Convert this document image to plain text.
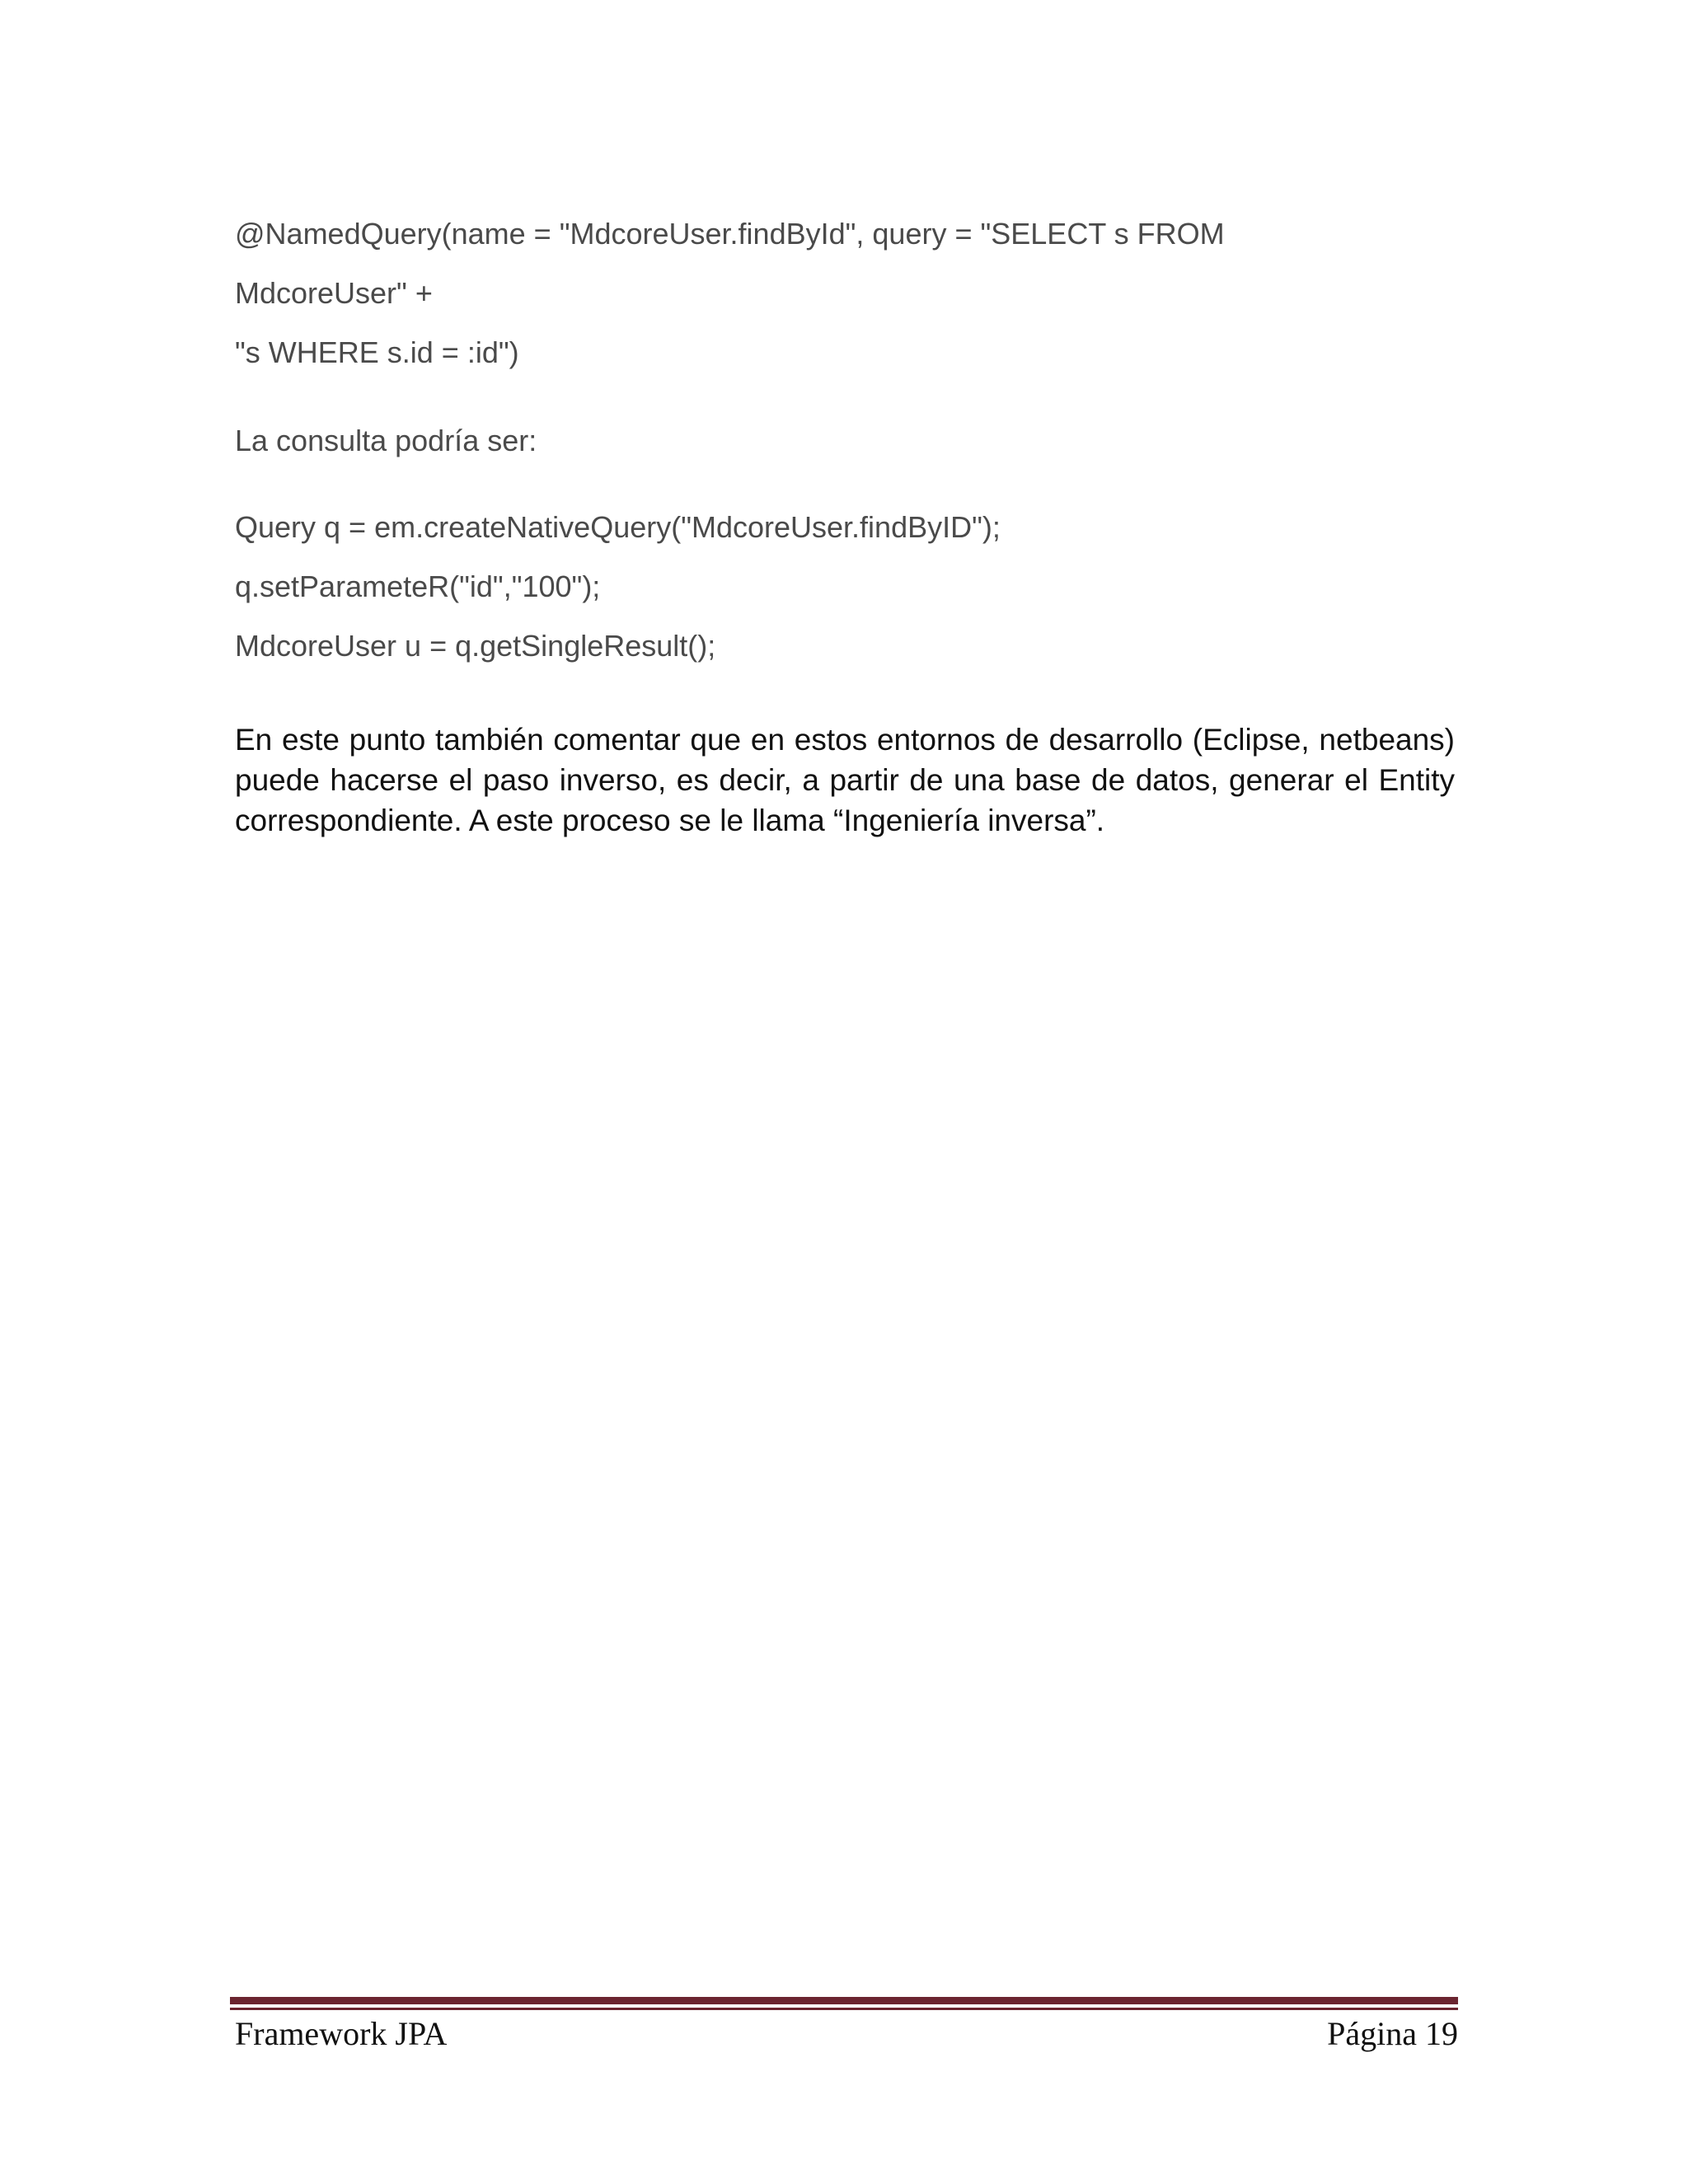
@NamedQuery(name = "MdcoreUser.findById", query = "SELECT s FROM
MdcoreUser" +
"s WHERE s.id = :id")
La consulta podría ser:
Query q = em.createNativeQuery("MdcoreUser.findByID");
q.setParameteR("id","100");
MdcoreUser u = q.getSingleResult();

En este punto también comentar que en estos entornos de desarrollo (Eclipse, netbeans) puede hacerse el paso inverso, es decir, a partir de una base de datos, generar el Entity correspondiente. A este proceso se le llama “Ingeniería inversa”.

Framework JPA	Página 19
